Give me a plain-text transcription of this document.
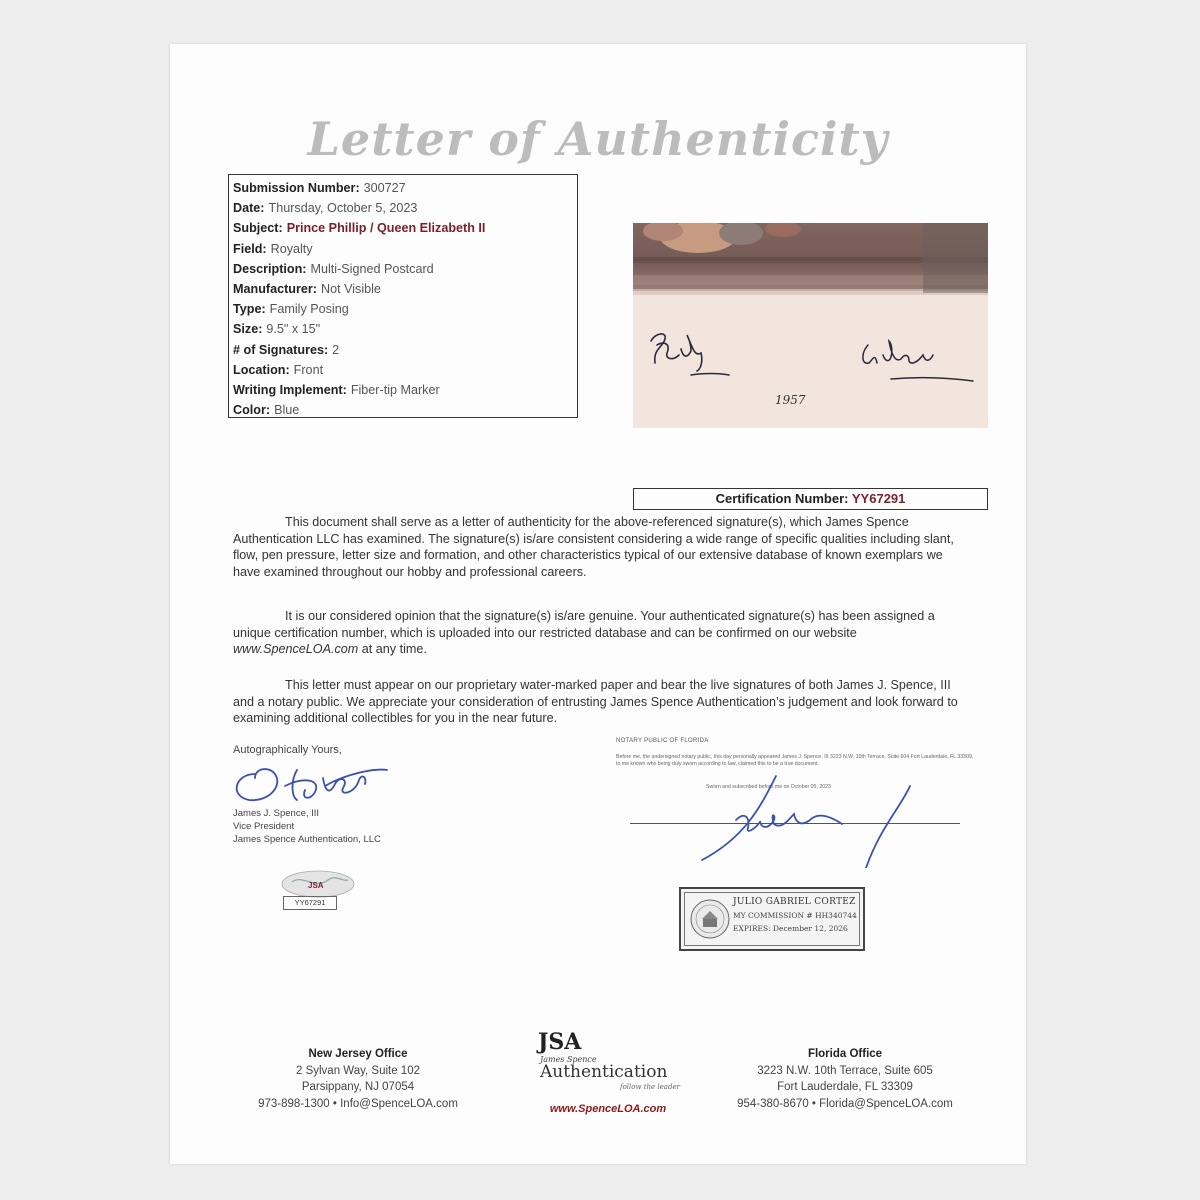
Letter of Authenticity
Submission Number: 300727
Date: Thursday, October 5, 2023
Subject: Prince Phillip / Queen Elizabeth II
Field: Royalty
Description: Multi-Signed Postcard
Manufacturer: Not Visible
Type: Family Posing
Size: 9.5" x 15"
# of Signatures: 2
Location: Front
Writing Implement: Fiber-tip Marker
Color: Blue
1957
Certification Number: YY67291
This document shall serve as a letter of authenticity for the above-referenced signature(s), which James Spence Authentication LLC has examined. The signature(s) is/are consistent considering a wide range of specific qualities including slant, flow, pen pressure, letter size and formation, and other characteristics typical of our extensive database of known exemplars we have examined throughout our hobby and professional careers.
It is our considered opinion that the signature(s) is/are genuine. Your authenticated signature(s) has been assigned a unique certification number, which is uploaded into our restricted database and can be confirmed on our website www.SpenceLOA.com at any time.
This letter must appear on our proprietary water-marked paper and bear the live signatures of both James J. Spence, III and a notary public. We appreciate your consideration of entrusting James Spence Authentication’s judgement and look forward to examining additional collectibles for you in the near future.
Autographically Yours,
James J. Spence, III
Vice President
James Spence Authentication, LLC
JSA
YY67291
NOTARY PUBLIC OF FLORIDA
Before me, the undersigned notary public, this day personally appeared James J. Spence, III 3223 N.W. 10th Terrace, Suite 604 Fort Lauderdale, FL 33309, to me known who being duly sworn according to law, claimed this to be a true document.
Sworn and subscribed before me on October 05, 2023
JULIO GABRIEL CORTEZ
MY COMMISSION # HH340744
EXPIRES: December 12, 2026
New Jersey Office
2 Sylvan Way, Suite 102
Parsippany, NJ 07054
973-898-1300 • Info@SpenceLOA.com
JSA
James Spence
Authentication
follow the leader
www.SpenceLOA.com
Florida Office
3223 N.W. 10th Terrace, Suite 605
Fort Lauderdale, FL 33309
954-380-8670 • Florida@SpenceLOA.com
